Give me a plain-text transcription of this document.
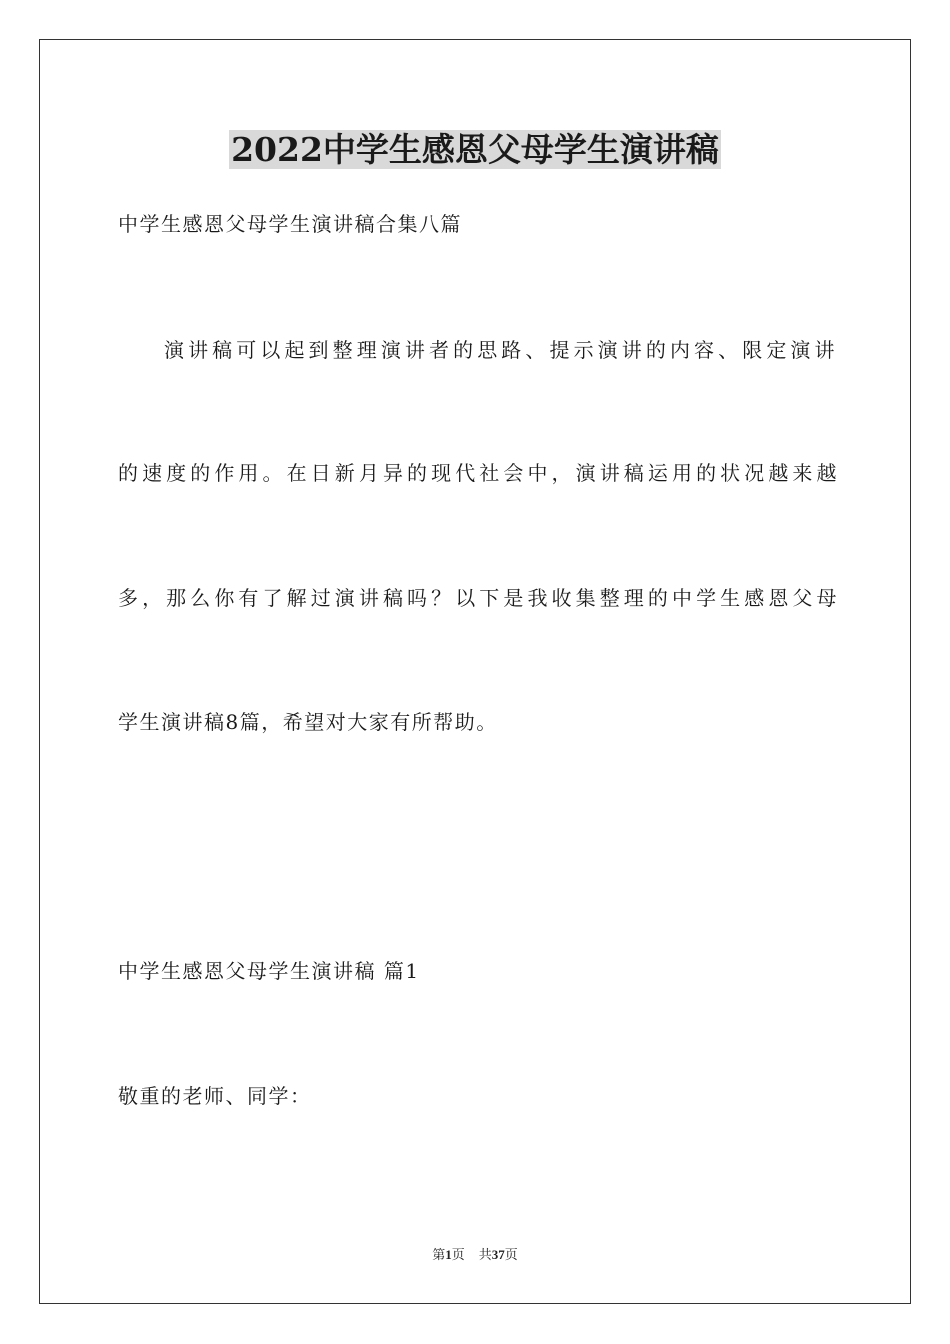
2022中学生感恩父母学生演讲稿
中学生感恩父母学生演讲稿合集八篇
演讲稿可以起到整理演讲者的思路、提示演讲的内容、限定演讲
的速度的作用。在日新月异的现代社会中，演讲稿运用的状况越来越
多，那么你有了解过演讲稿吗？以下是我收集整理的中学生感恩父母
学生演讲稿8篇，希望对大家有所帮助。
中学生感恩父母学生演讲稿 篇1
敬重的老师、同学：
第1页 共37页
